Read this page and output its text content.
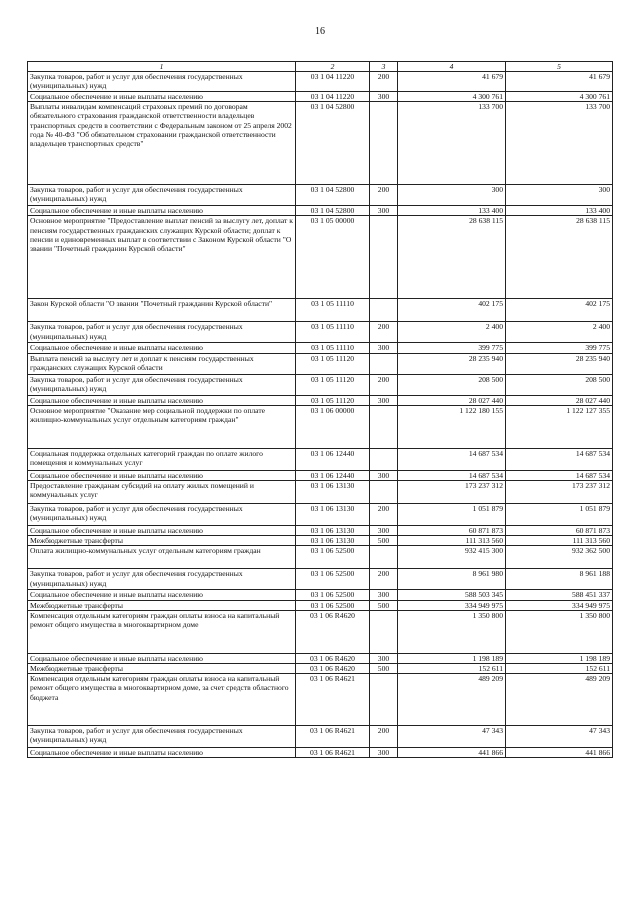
16
1	2	3	4	5
Закупка товаров, работ и услуг для обеспечения государственных (муниципальных) нужд	03 1 04 11220	200	41 679	41 679
Социальное обеспечение и иные выплаты населению	03 1 04 11220	300	4 300 761	4 300 761
Выплаты инвалидам компенсаций страховых премий по договорам обязательного страхования гражданской ответственности владельцев транспортных средств в соответствии с Федеральным законом от 25 апреля 2002 года № 40-ФЗ "Об обязательном страховании гражданской ответственности владельцев транспортных средств"	03 1 04 52800		133 700	133 700
Закупка товаров, работ и услуг для обеспечения государственных (муниципальных) нужд	03 1 04 52800	200	300	300
Социальное обеспечение и иные выплаты населению	03 1 04 52800	300	133 400	133 400
Основное мероприятие "Предоставление выплат пенсий за выслугу лет, доплат к пенсиям государственных гражданских служащих Курской области; доплат к пенсии и единовременных выплат в соответствии с Законом Курской области "О звании "Почетный гражданин Курской области"	03 1 05 00000		28 638 115	28 638 115
Закон Курской области "О звании "Почетный гражданин Курской области"	03 1 05 11110		402 175	402 175
Закупка товаров, работ и услуг для обеспечения государственных (муниципальных) нужд	03 1 05 11110	200	2 400	2 400
Социальное обеспечение и иные выплаты населению	03 1 05 11110	300	399 775	399 775
Выплата пенсий за выслугу лет и доплат к пенсиям государственных гражданских служащих Курской области	03 1 05 11120		28 235 940	28 235 940
Закупка товаров, работ и услуг для обеспечения государственных (муниципальных) нужд	03 1 05 11120	200	208 500	208 500
Социальное обеспечение и иные выплаты населению	03 1 05 11120	300	28 027 440	28 027 440
Основное мероприятие "Оказание мер социальной поддержки по оплате жилищно-коммунальных услуг отдельным категориям граждан"	03 1 06 00000		1 122 180 155	1 122 127 355
Социальная поддержка отдельных категорий граждан по оплате жилого помещения и коммунальных услуг	03 1 06 12440		14 687 534	14 687 534
Социальное обеспечение и иные выплаты населению	03 1 06 12440	300	14 687 534	14 687 534
Предоставление гражданам субсидий на оплату жилых помещений и коммунальных услуг	03 1 06 13130		173 237 312	173 237 312
Закупка товаров, работ и услуг для обеспечения государственных (муниципальных) нужд	03 1 06 13130	200	1 051 879	1 051 879
Социальное обеспечение и иные выплаты населению	03 1 06 13130	300	60 871 873	60 871 873
Межбюджетные трансферты	03 1 06 13130	500	111 313 560	111 313 560
Оплата жилищно-коммунальных услуг отдельным категориям граждан	03 1 06 52500		932 415 300	932 362 500
Закупка товаров, работ и услуг для обеспечения государственных (муниципальных) нужд	03 1 06 52500	200	8 961 980	8 961 188
Социальное обеспечение и иные выплаты населению	03 1 06 52500	300	588 503 345	588 451 337
Межбюджетные трансферты	03 1 06 52500	500	334 949 975	334 949 975
Компенсация отдельным категориям граждан оплаты взноса на капитальный ремонт общего имущества в многоквартирном доме	03 1 06 R4620		1 350 800	1 350 800
Социальное обеспечение и иные выплаты населению	03 1 06 R4620	300	1 198 189	1 198 189
Межбюджетные трансферты	03 1 06 R4620	500	152 611	152 611
Компенсация отдельным категориям граждан оплаты взноса на капитальный ремонт общего имущества в многоквартирном доме, за счет средств областного бюджета	03 1 06 R4621		489 209	489 209
Закупка товаров, работ и услуг для обеспечения государственных (муниципальных) нужд	03 1 06 R4621	200	47 343	47 343
Социальное обеспечение и иные выплаты населению	03 1 06 R4621	300	441 866	441 866
